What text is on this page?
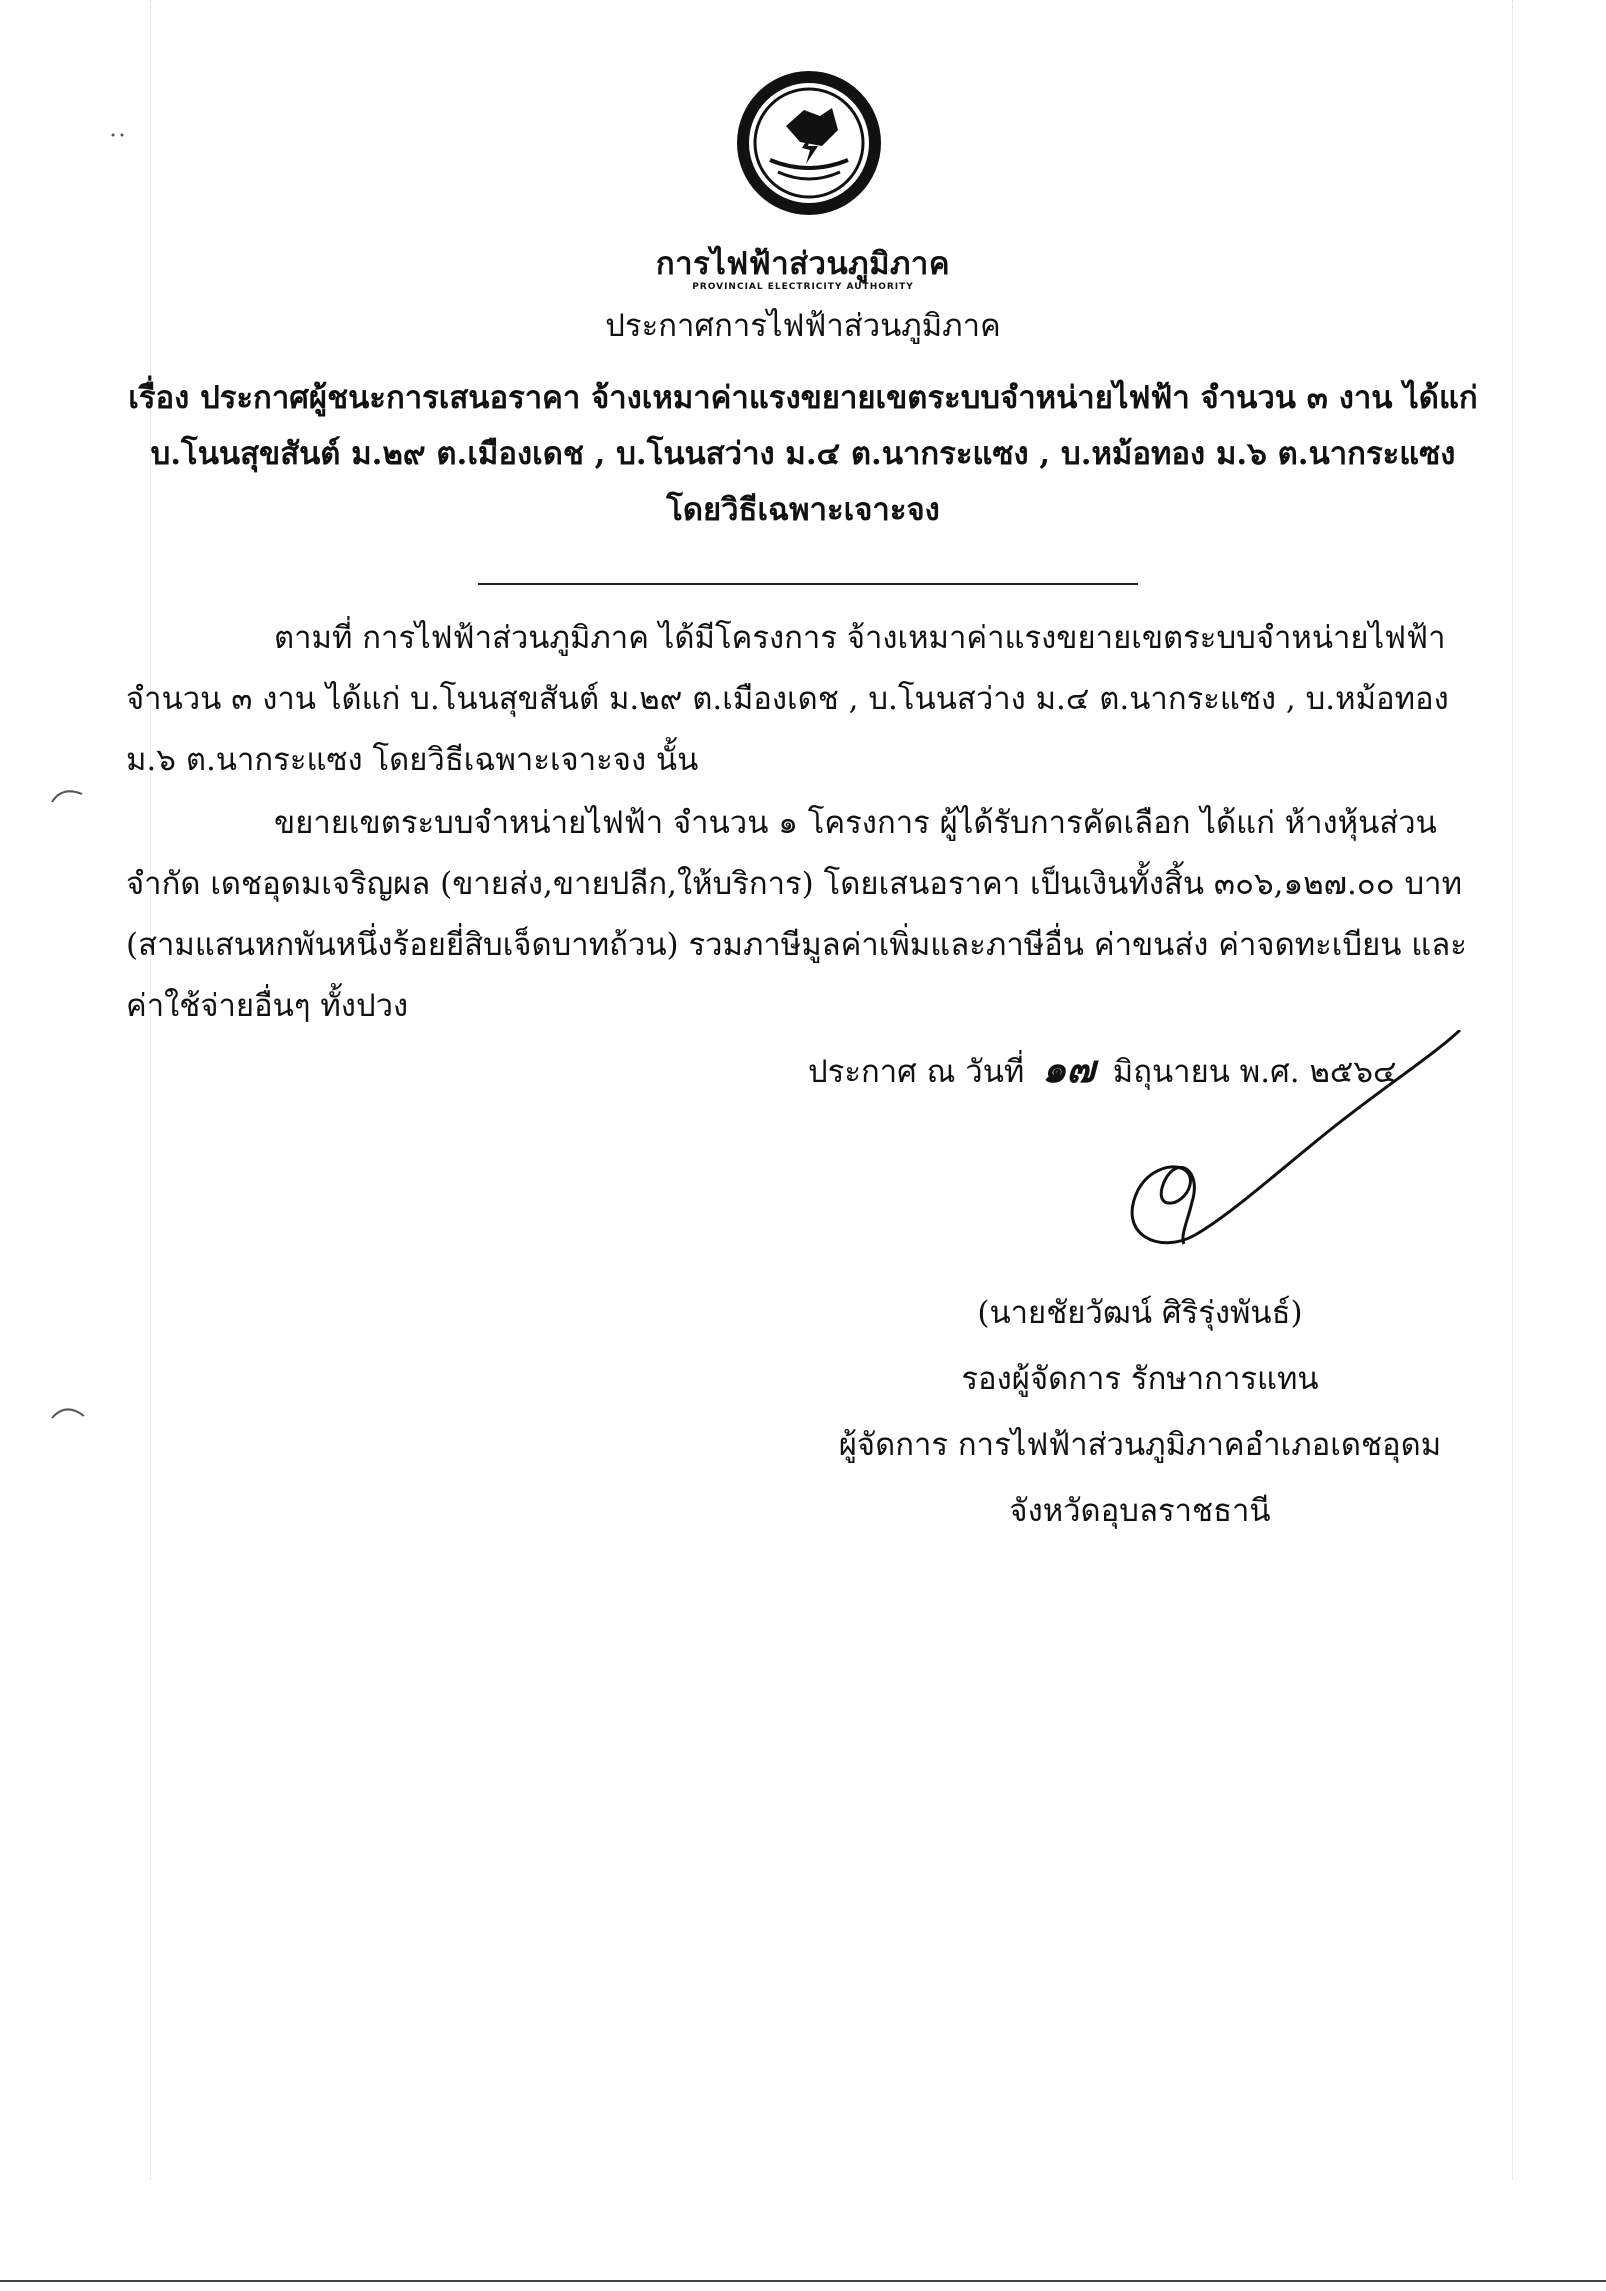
การไฟฟ้าส่วนภูมิภาค
PROVINCIAL ELECTRICITY AUTHORITY
ประกาศการไฟฟ้าส่วนภูมิภาค
เรื่อง ประกาศผู้ชนะการเสนอราคา จ้างเหมาค่าแรงขยายเขตระบบจำหน่ายไฟฟ้า จำนวน ๓ งาน ได้แก่ บ.โนนสุขสันต์ ม.๒๙ ต.เมืองเดช , บ.โนนสว่าง ม.๔ ต.นากระแซง , บ.หม้อทอง ม.๖ ต.นากระแซง โดยวิธีเฉพาะเจาะจง
ตามที่ การไฟฟ้าส่วนภูมิภาค ได้มีโครงการ จ้างเหมาค่าแรงขยายเขตระบบจำหน่ายไฟฟ้า จำนวน ๓ งาน ได้แก่ บ.โนนสุขสันต์ ม.๒๙ ต.เมืองเดช , บ.โนนสว่าง ม.๔ ต.นากระแซง , บ.หม้อทอง ม.๖ ต.นากระแซง โดยวิธีเฉพาะเจาะจง นั้น
ขยายเขตระบบจำหน่ายไฟฟ้า จำนวน ๑ โครงการ ผู้ได้รับการคัดเลือก ได้แก่ ห้างหุ้นส่วนจำกัด เดชอุดมเจริญผล (ขายส่ง,ขายปลีก,ให้บริการ) โดยเสนอราคา เป็นเงินทั้งสิ้น ๓๐๖,๑๒๗.๐๐ บาท (สามแสนหกพันหนึ่งร้อยยี่สิบเจ็ดบาทถ้วน) รวมภาษีมูลค่าเพิ่มและภาษีอื่น ค่าขนส่ง ค่าจดทะเบียน และค่าใช้จ่ายอื่นๆ ทั้งปวง
ประกาศ ณ วันที่ ๑๗ มิถุนายน พ.ศ. ๒๕๖๔
(นายชัยวัฒน์ ศิริรุ่งพันธ์)
รองผู้จัดการ รักษาการแทน
ผู้จัดการ การไฟฟ้าส่วนภูมิภาคอำเภอเดชอุดม
จังหวัดอุบลราชธานี
